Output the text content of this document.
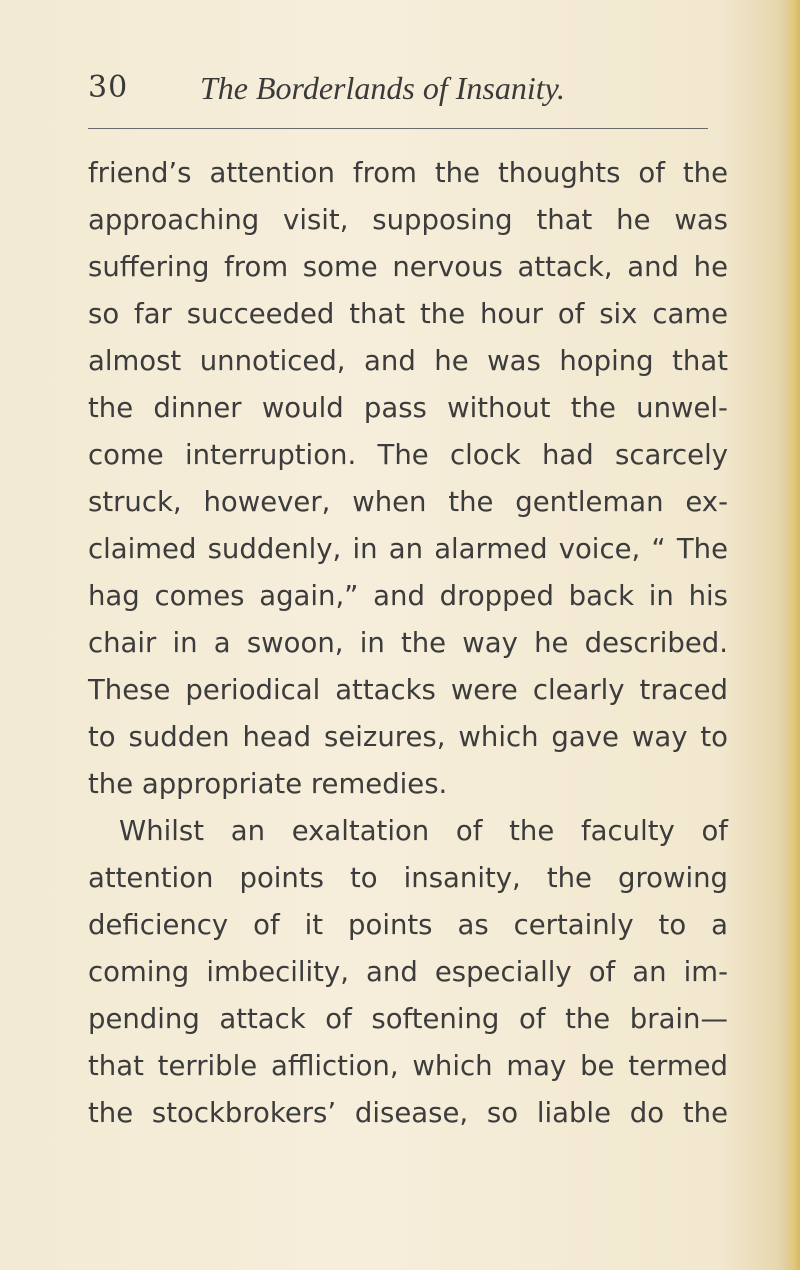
30 The Borderlands of Insanity.
friend’s attention from the thoughts of the
approaching visit, supposing that he was
suffering from some nervous attack, and he
so far succeeded that the hour of six came
almost unnoticed, and he was hoping that
the dinner would pass without the unwel-
come interruption. The clock had scarcely
struck, however, when the gentleman ex-
claimed suddenly, in an alarmed voice, “ The
hag comes again,” and dropped back in his
chair in a swoon, in the way he described.
These periodical attacks were clearly traced
to sudden head seizures, which gave way to
the appropriate remedies.
Whilst an exaltation of the faculty of
attention points to insanity, the growing
deficiency of it points as certainly to a
coming imbecility, and especially of an im-
pending attack of softening of the brain—
that terrible affliction, which may be termed
the stockbrokers’ disease, so liable do the
